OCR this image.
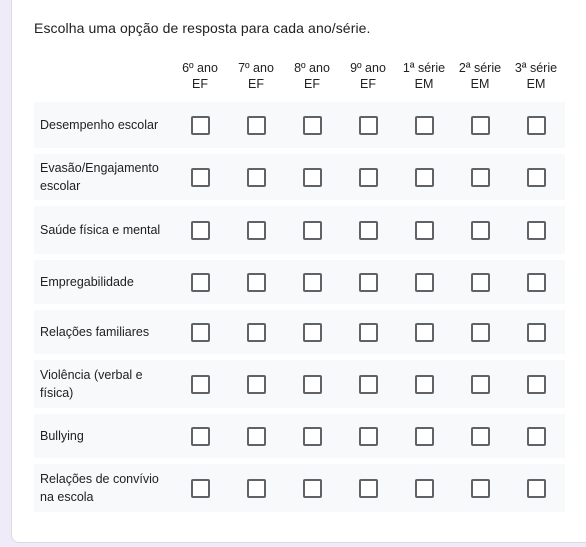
Escolha uma opção de resposta para cada ano/série.
6º ano
EF
7º ano
EF
8º ano
EF
9º ano
EF
1ª série
EM
2ª série
EM
3ª série
EM
Desempenho escolar
Evasão/Engajamento escolar
Saúde física e mental
Empregabilidade
Relações familiares
Violência (verbal e física)
Bullying
Relações de convívio na escola
